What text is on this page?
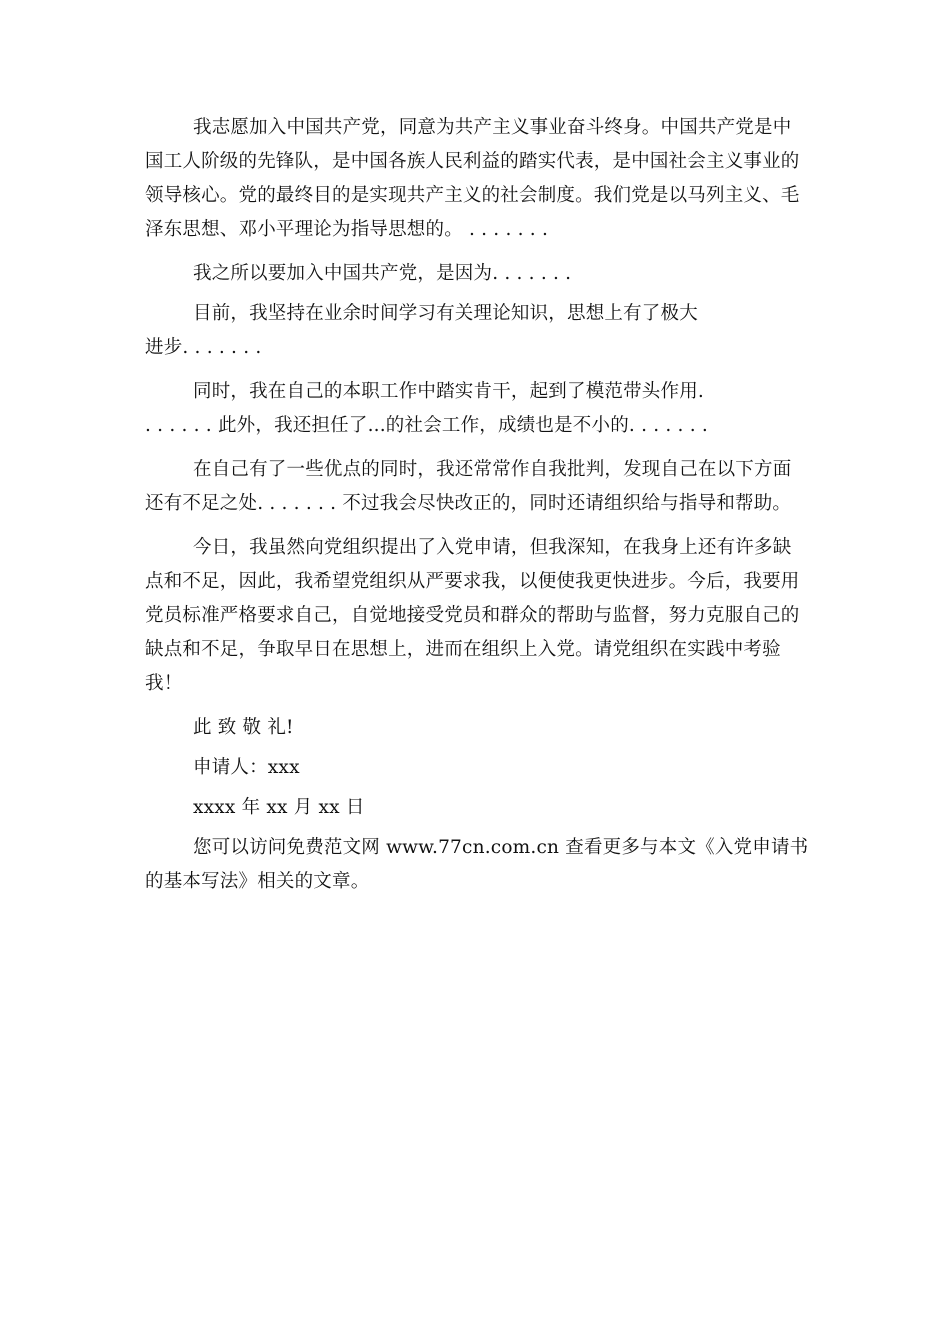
我志愿加入中国共产党，同意为共产主义事业奋斗终身。中国共产党是中国工人阶级的先锋队，是中国各族人民利益的踏实代表，是中国社会主义事业的领导核心。党的最终目的是实现共产主义的社会制度。我们党是以马列主义、毛泽东思想、邓小平理论为指导思想的。 . . . . . . .

我之所以要加入中国共产党，是因为. . . . . . .

目前，我坚持在业余时间学习有关理论知识，思想上有了极大进步. . . . . . .

同时，我在自己的本职工作中踏实肯干，起到了模范带头作用. . . . . . . 此外，我还担任了...的社会工作，成绩也是不小的. . . . . . .

在自己有了一些优点的同时，我还常常作自我批判，发现自己在以下方面还有不足之处. . . . . . . 不过我会尽快改正的，同时还请组织给与指导和帮助。

今日，我虽然向党组织提出了入党申请，但我深知，在我身上还有许多缺点和不足，因此，我希望党组织从严要求我，以便使我更快进步。今后，我要用党员标准严格要求自己，自觉地接受党员和群众的帮助与监督，努力克服自己的缺点和不足，争取早日在思想上，进而在组织上入党。请党组织在实践中考验我！

此 致 敬 礼!

申请人：xxx

xxxx 年 xx 月 xx 日

您可以访问免费范文网 www.77cn.com.cn 查看更多与本文《入党申请书的基本写法》相关的文章。
